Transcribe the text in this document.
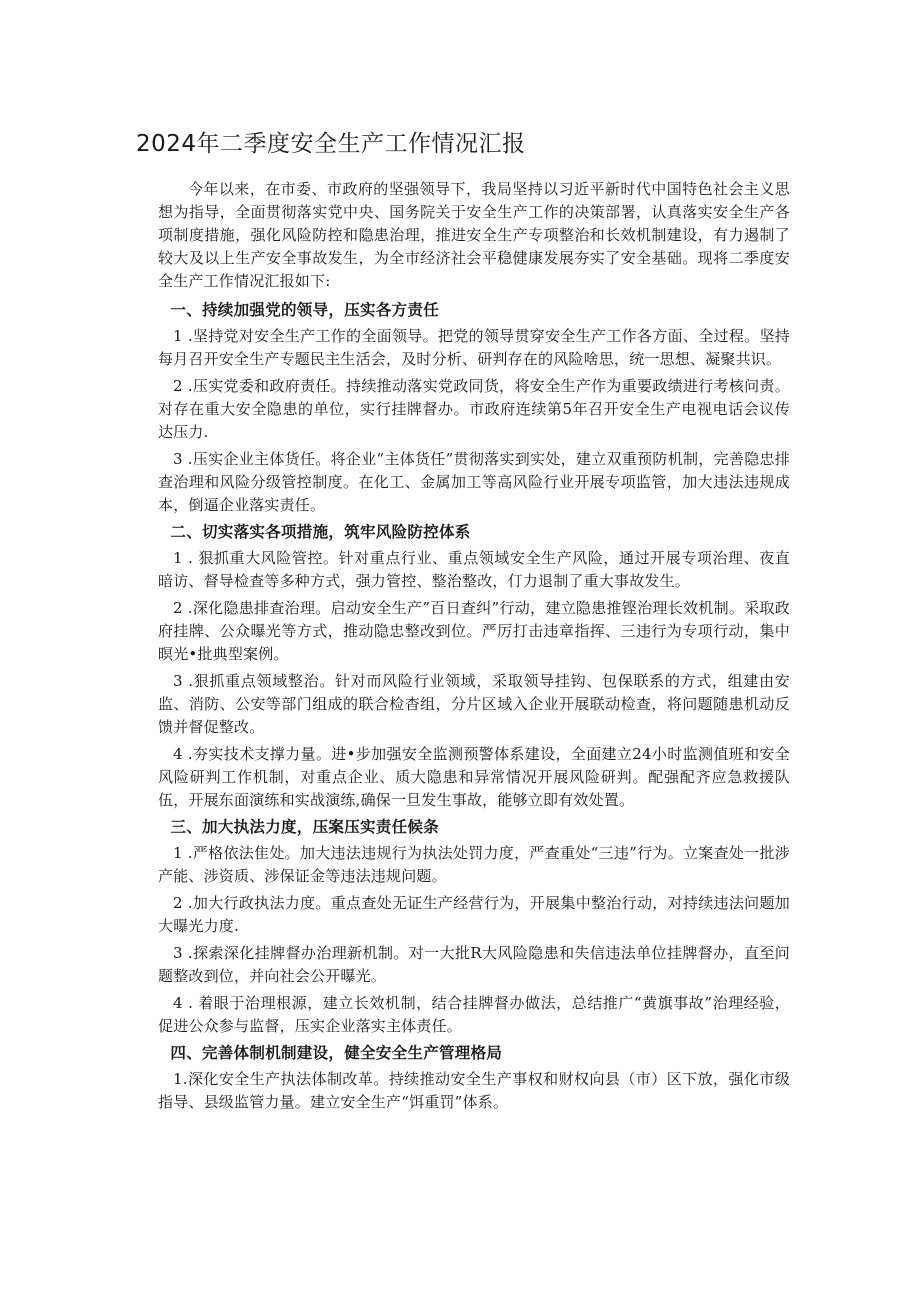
2024年二季度安全生产工作情况汇报

今年以来，在市委、市政府的坚强领导下，我局坚持以习近平新时代中国特色社会主义思想为指导，全面贯彻落实党中央、国务院关于安全生产工作的决策部署，认真落实安全生产各项制度措施，强化风险防控和隐患治理，推进安全生产专项整治和长效机制建设，有力遏制了较大及以上生产安全事故发生，为全市经济社会平稳健康发展夯实了安全基础。现将二季度安全生产工作情况汇报如下:

一、持续加强党的领导，压实各方责任

1 .坚持党对安全生产工作的全面领导。把党的领导贯穿安全生产工作各方面、全过程。坚持每月召开安全生产专题民主生活会，及时分析、研判存在的风险啥思，统一思想、凝聚共识。

2 .压实党委和政府责任。持续推动落实党政同货，将安全生产作为重要政绩进行考核问责。对存在重大安全隐患的单位，实行挂牌督办。市政府连续第5年召开安全生产电视电话会议传达压力.

3 .压实企业主体货任。将企业“主体货任”贯彻落实到实处，建立双重预防机制，完善隐忠排查治理和风险分级管控制度。在化工、金属加工等高风险行业开展专项监管，加大违法违规成本，倒逼企业落实责任。

二、切实落实各项措施，筑牢风险防控体系

1 . 狠抓重大风险管控。针对重点行业、重点领域安全生产风险，通过开展专项治理、夜直暗访、督导检查等多种方式，强力管控、整治整改，仃力退制了重大事故发生。

2 .深化隐患排查治理。启动安全生产”百日查纠”行动，建立隐患推铿治理长效机制。采取政府挂牌、公众曝光等方式，推动隐忠整改到位。严厉打击违章指挥、三违行为专项行动，集中暝光•批典型案例。

3 .狠抓重点领域整治。针对而风险行业领域，采取领导挂钩、包保联系的方式，组建由安监、消防、公安等部门组成的联合检杳组，分片区域入企业开展联动检查，将问题随患机动反馈并督促整改。

4 .夯实技术支撑力量。进•步加强安全监测预警体系建设，全面建立24小时监测值班和安全风险研判工作机制，对重点企业、质大隐患和异常情况开展风险研判。配强配齐应急救援队伍，开展东面演练和实战演练,确保一旦发生事故，能够立即有效处置。

三、加大执法力度，压案压实责任候条

1 .严格依法隹处。加大违法违规行为执法处罚力度，严查重处“三违”行为。立案查处一批涉产能、涉资质、涉保证金等违法违规问题。

2 .加大行政执法力度。重点查处无证生产经营行为，开展集中整治行动，对持续违法问题加大曝光力度.

3 .探索深化挂牌督办治理新机制。对一大批R大风险隐患和失信违法单位挂牌督办，直至问题整改到位，并向社会公开曝光。

4 . 着眼于治理根源，建立长效机制，结合挂牌督办做法，总结推广“黄旗事故”治理经验，促进公众参与监督，压实企业落实主体责任。

四、完善体制机制建设，健全安全生产管理格局

1.深化安全生产执法体制改革。持续推动安全生产事权和财权向县（市）区下放，强化市级指导、县级监管力量。建立安全生产“饵重罚”体系。
